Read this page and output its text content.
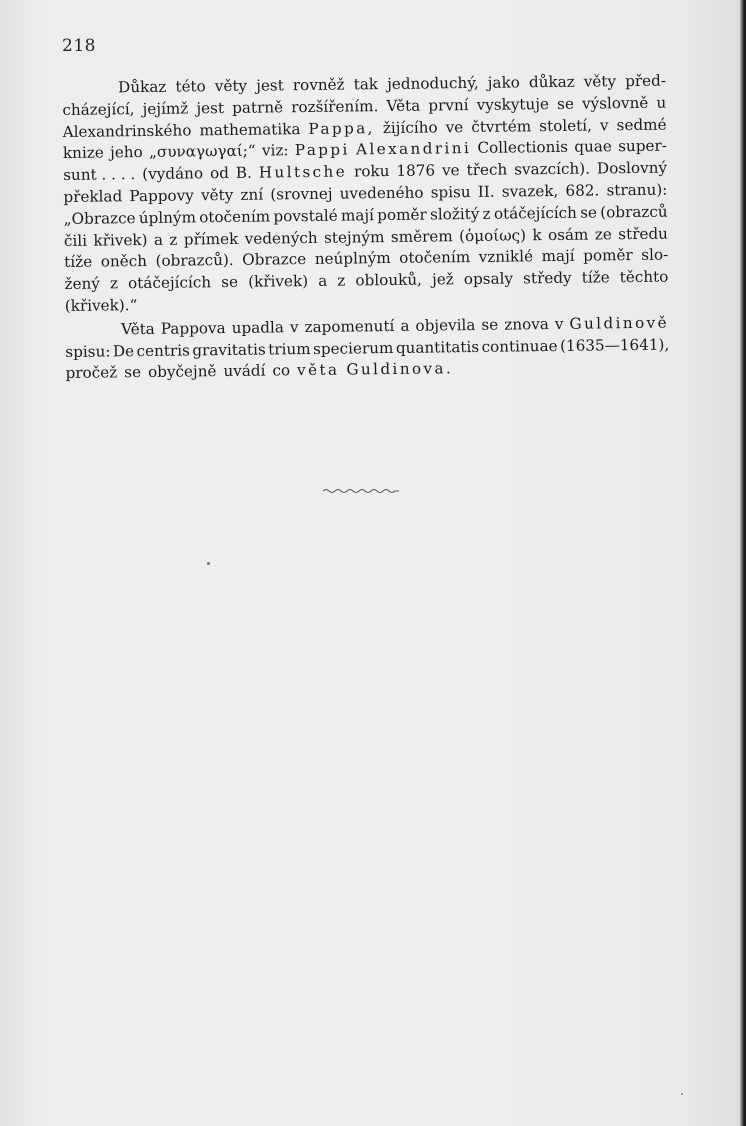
218
Důkaz této věty jest rovněž tak jednoduchý, jako důkaz věty před-
cházející, jejímž jest patrně rozšířením. Věta první vyskytuje se výslovně u
Alexandrinského mathematika Pappa, žijícího ve čtvrtém století, v sedmé
knize jeho „συναγωγαί;“ viz: Pappi Alexandrini Collectionis quae super-
sunt . . . . (vydáno od B. Hultsche roku 1876 ve třech svazcích). Doslovný
překlad Pappovy věty zní (srovnej uvedeného spisu II. svazek, 682. stranu):
„Obrazce úplným otočením povstalé mají poměr složitý z otáčejících se (obrazců
čili křivek) a z přímek vedených stejným směrem (ὁμοίως) k osám ze středu
tíže oněch (obrazců). Obrazce neúplným otočením vzniklé mají poměr slo-
žený z otáčejících se (křivek) a z oblouků, jež opsaly středy tíže těchto
(křivek).“
Věta Pappova upadla v zapomenutí a objevila se znova v Guldinově
spisu: De centris gravitatis trium specierum quantitatis continuae (1635—1641),
pročež se obyčejně uvádí co věta Guldinova.
